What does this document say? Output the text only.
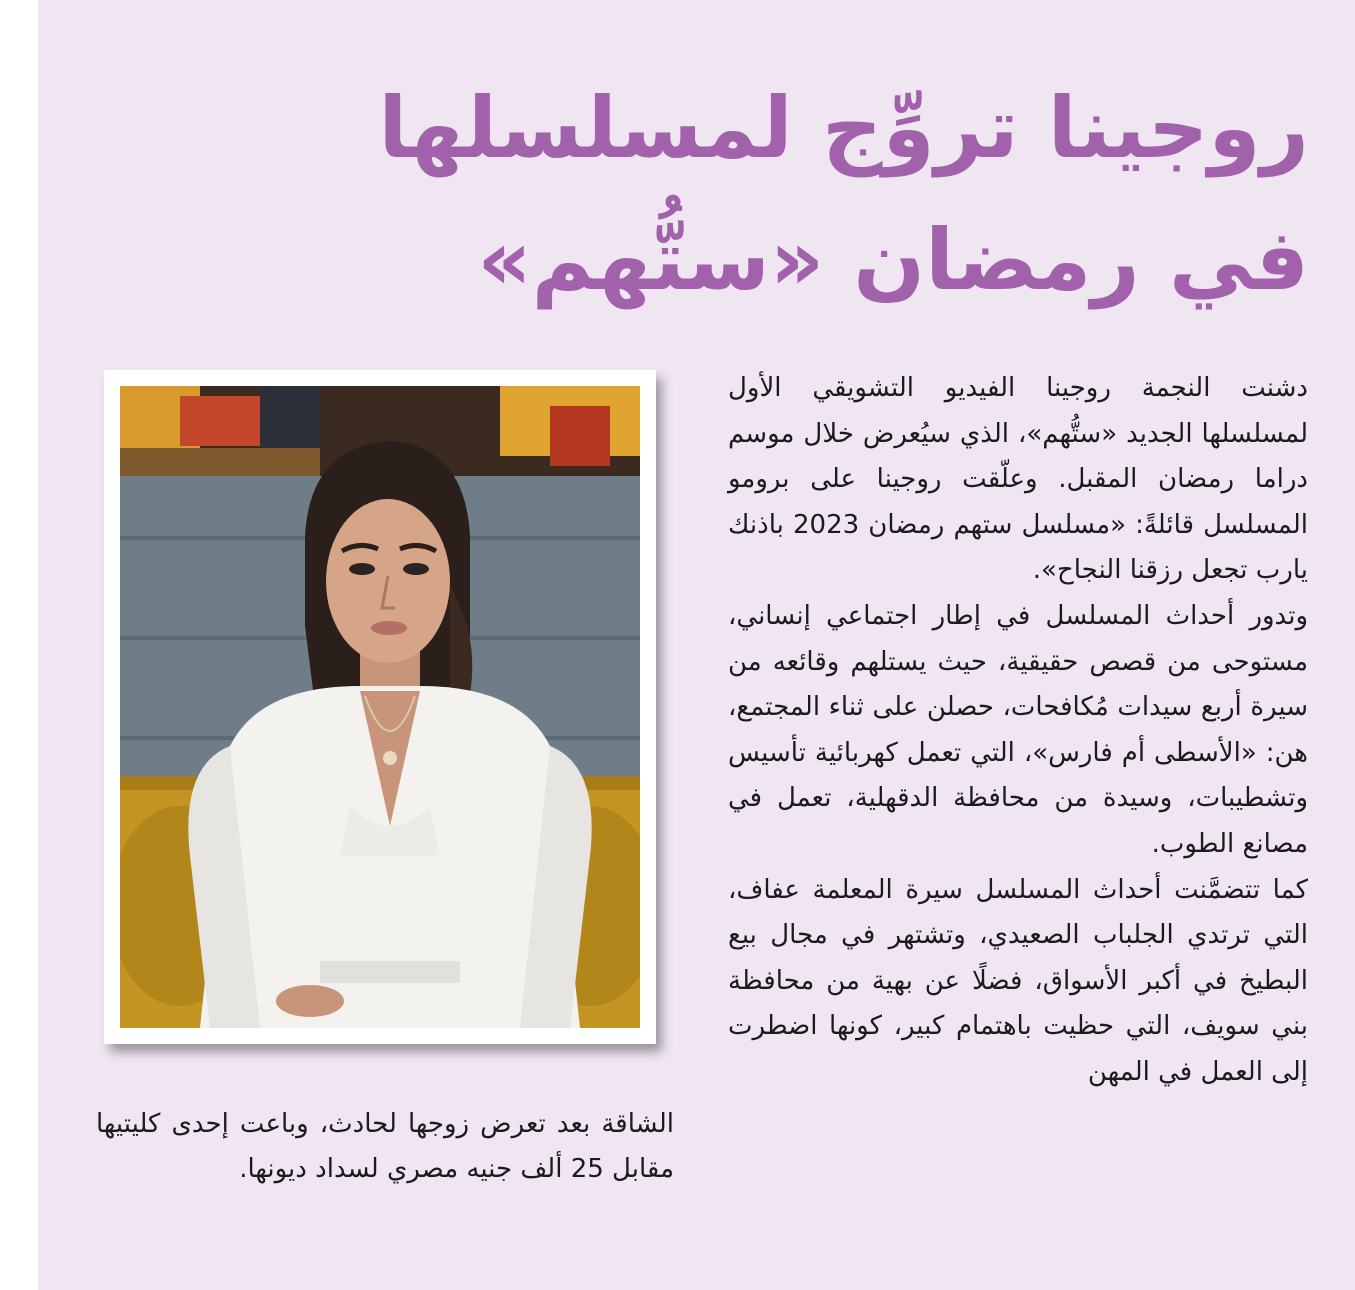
روجينا تروِّج لمسلسلها
في رمضان «ستُّهم»

دشنت النجمة روجينا الفيديو التشويقي الأول لمسلسلها الجديد «ستُّهم»، الذي سيُعرض خلال موسم دراما رمضان المقبل. وعلّقت روجينا على برومو المسلسل قائلةً: «مسلسل ستهم رمضان 2023 باذنك يارب تجعل رزقنا النجاح».

وتدور أحداث المسلسل في إطار اجتماعي إنساني، مستوحى من قصص حقيقية، حيث يستلهم وقائعه من سيرة أربع سيدات مُكافحات، حصلن على ثناء المجتمع، هن: «الأسطى أم فارس»، التي تعمل كهربائية تأسيس وتشطيبات، وسيدة من محافظة الدقهلية، تعمل في مصانع الطوب.

كما تتضمَّنت أحداث المسلسل سيرة المعلمة عفاف، التي ترتدي الجلباب الصعيدي، وتشتهر في مجال بيع البطيخ في أكبر الأسواق، فضلًا عن بهية من محافظة بني سويف، التي حظيت باهتمام كبير، كونها اضطرت إلى العمل في المهن

الشاقة بعد تعرض زوجها لحادث، وباعت إحدى كليتيها مقابل 25 ألف جنيه مصري لسداد ديونها.
